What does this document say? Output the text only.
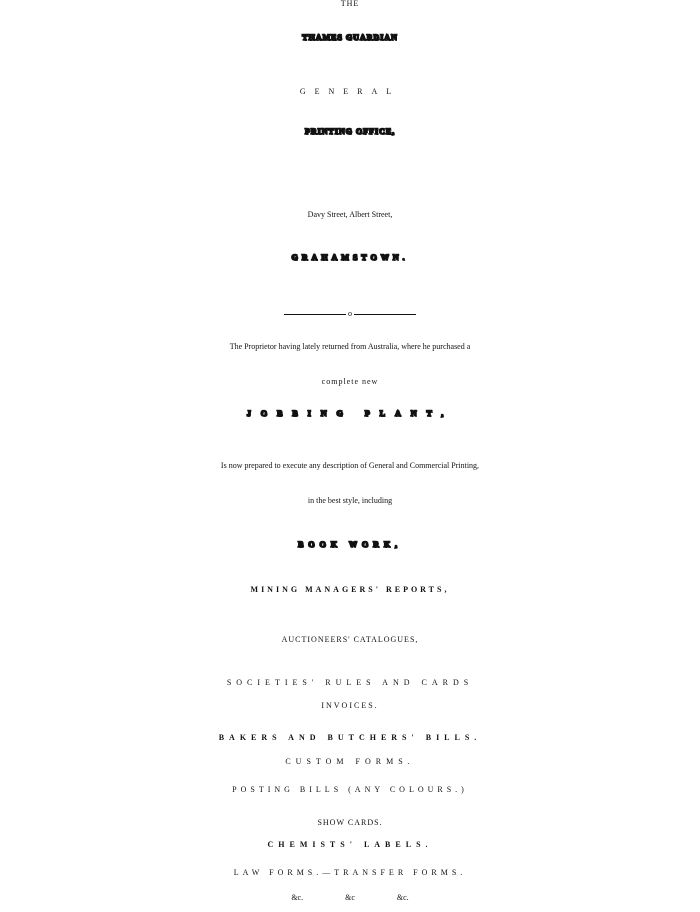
THE
THAMES GUARDIAN
GENERAL
PRINTING OFFICE,
Davy Street, Albert Street,
GRAHAMSTOWN.
o
The Proprietor having lately returned from Australia, where he purchased a
complete new
JOBBING PLANT,
Is now prepared to execute any description of General and Commercial Printing,
in the best style, including
BOOK WORK,
MINING MANAGERS' REPORTS,
AUCTIONEERS' CATALOGUES,
SOCIETIES' RULES AND CARDS
INVOICES.
BAKERS AND BUTCHERS' BILLS.
CUSTOM FORMS.
POSTING BILLS (ANY COLOURS.)
SHOW CARDS.
CHEMISTS' LABELS.
LAW FORMS.—TRANSFER FORMS.
&c. &c &c.
